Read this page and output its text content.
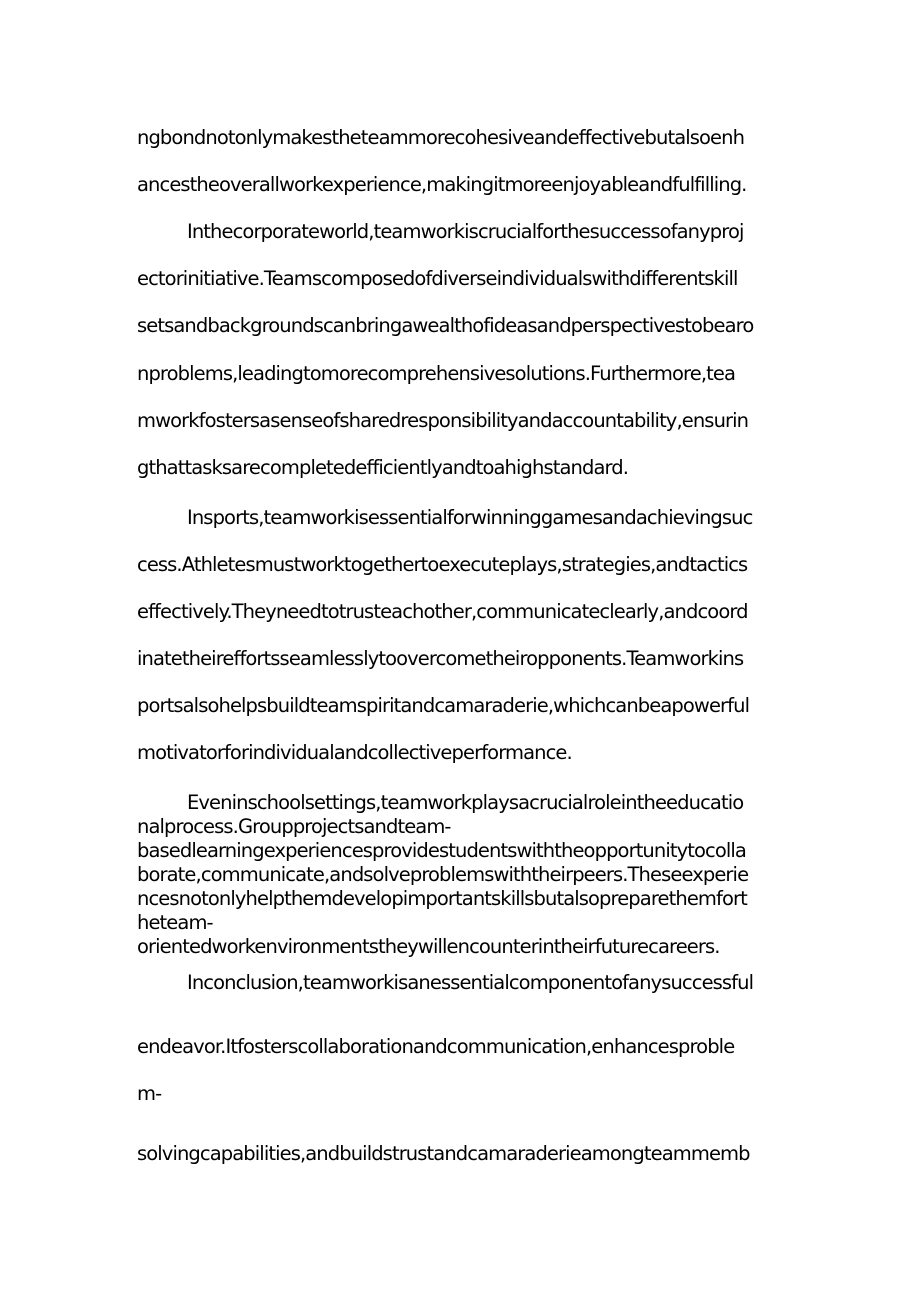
ngbondnotonlymakestheteammorecohesiveandeffectivebutalsoenh
ancestheoverallworkexperience,makingitmoreenjoyableandfulfilling.
Inthecorporateworld,teamworkiscrucialforthesuccessofanyproj
ectorinitiative.Teamscomposedofdiverseindividualswithdifferentskill
setsandbackgroundscanbringawealthofideasandperspectivestobearo
nproblems,leadingtomorecomprehensivesolutions.Furthermore,tea
mworkfostersasenseofsharedresponsibilityandaccountability,ensurin
gthattasksarecompletedefficientlyandtoahighstandard.
Insports,teamworkisessentialforwinninggamesandachievingsuc
cess.Athletesmustworktogethertoexecuteplays,strategies,andtactics
effectively.Theyneedtotrusteachother,communicateclearly,andcoord
inatetheireffortsseamlesslytoovercometheiropponents.Teamworkins
portsalsohelpsbuildteamspiritandcamaraderie,whichcanbeapowerful
motivatorforindividualandcollectiveperformance.
Eveninschoolsettings,teamworkplaysacrucialroleintheeducatio
nalprocess.Groupprojectsandteam-
basedlearningexperiencesprovidestudentswiththeopportunitytocolla
borate,communicate,andsolveproblemswiththeirpeers.Theseexperie
ncesnotonlyhelpthemdevelopimportantskillsbutalsopreparethemfort
heteam-
orientedworkenvironmentstheywillencounterintheirfuturecareers.
Inconclusion,teamworkisanessentialcomponentofanysuccessful
endeavor.Itfosterscollaborationandcommunication,enhancesproble
m-
solvingcapabilities,andbuildstrustandcamaraderieamongteammemb
